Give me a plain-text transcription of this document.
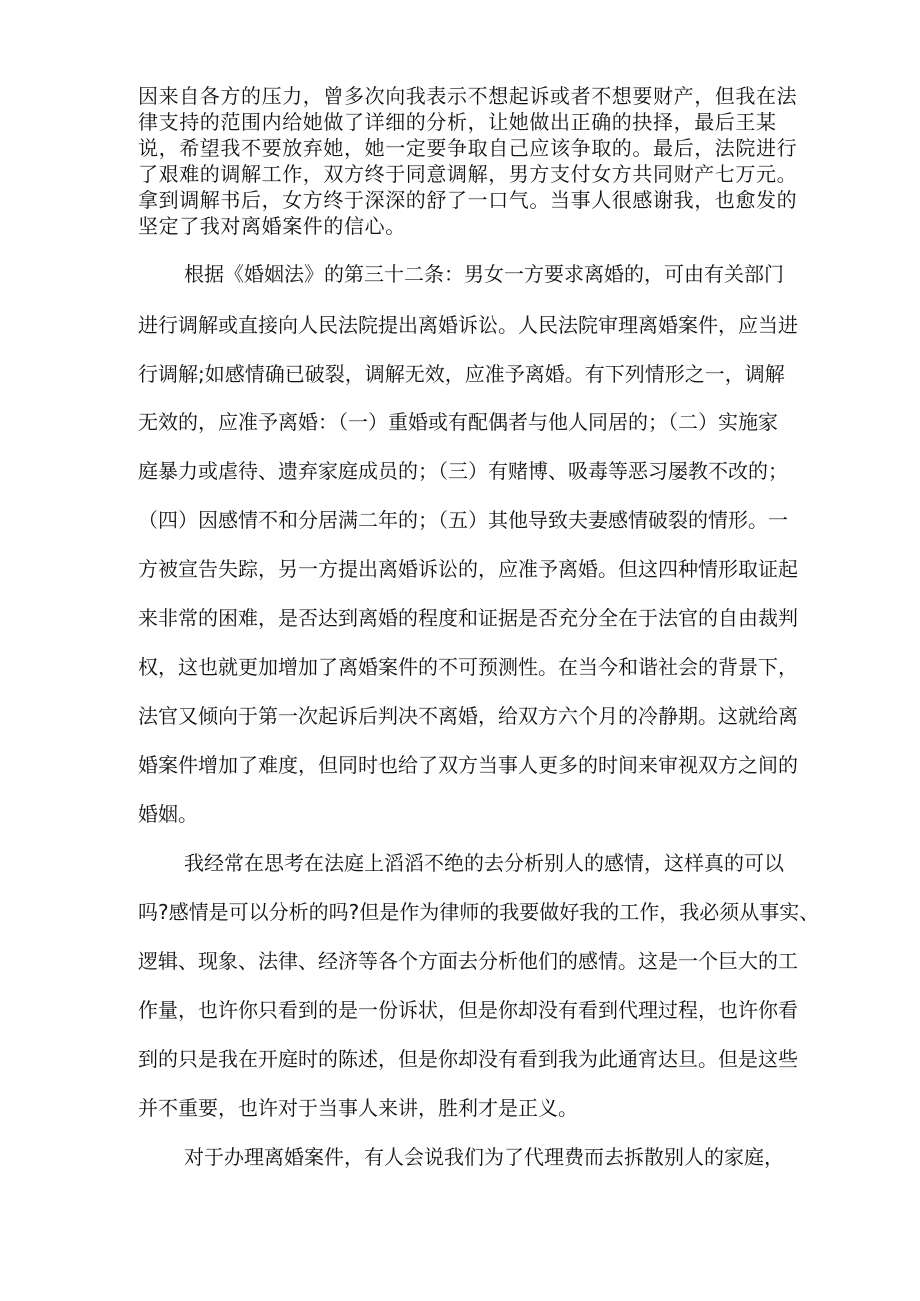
因来自各方的压力，曾多次向我表示不想起诉或者不想要财产，但我在法
律支持的范围内给她做了详细的分析，让她做出正确的抉择，最后王某
说，希望我不要放弃她，她一定要争取自己应该争取的。最后，法院进行
了艰难的调解工作，双方终于同意调解，男方支付女方共同财产七万元。
拿到调解书后，女方终于深深的舒了一口气。当事人很感谢我，也愈发的
坚定了我对离婚案件的信心。
根据《婚姻法》的第三十二条：男女一方要求离婚的，可由有关部门
进行调解或直接向人民法院提出离婚诉讼。人民法院审理离婚案件，应当进
行调解;如感情确已破裂，调解无效，应准予离婚。有下列情形之一，调解
无效的，应准予离婚：（一）重婚或有配偶者与他人同居的；（二）实施家
庭暴力或虐待、遗弃家庭成员的；（三）有赌博、吸毒等恶习屡教不改的；
（四）因感情不和分居满二年的；（五）其他导致夫妻感情破裂的情形。一
方被宣告失踪，另一方提出离婚诉讼的，应准予离婚。但这四种情形取证起
来非常的困难，是否达到离婚的程度和证据是否充分全在于法官的自由裁判
权，这也就更加增加了离婚案件的不可预测性。在当今和谐社会的背景下，
法官又倾向于第一次起诉后判决不离婚，给双方六个月的冷静期。这就给离
婚案件增加了难度，但同时也给了双方当事人更多的时间来审视双方之间的
婚姻。
我经常在思考在法庭上滔滔不绝的去分析别人的感情，这样真的可以
吗?感情是可以分析的吗?但是作为律师的我要做好我的工作，我必须从事实、
逻辑、现象、法律、经济等各个方面去分析他们的感情。这是一个巨大的工
作量，也许你只看到的是一份诉状，但是你却没有看到代理过程，也许你看
到的只是我在开庭时的陈述，但是你却没有看到我为此通宵达旦。但是这些
并不重要，也许对于当事人来讲，胜利才是正义。
对于办理离婚案件，有人会说我们为了代理费而去拆散别人的家庭，
